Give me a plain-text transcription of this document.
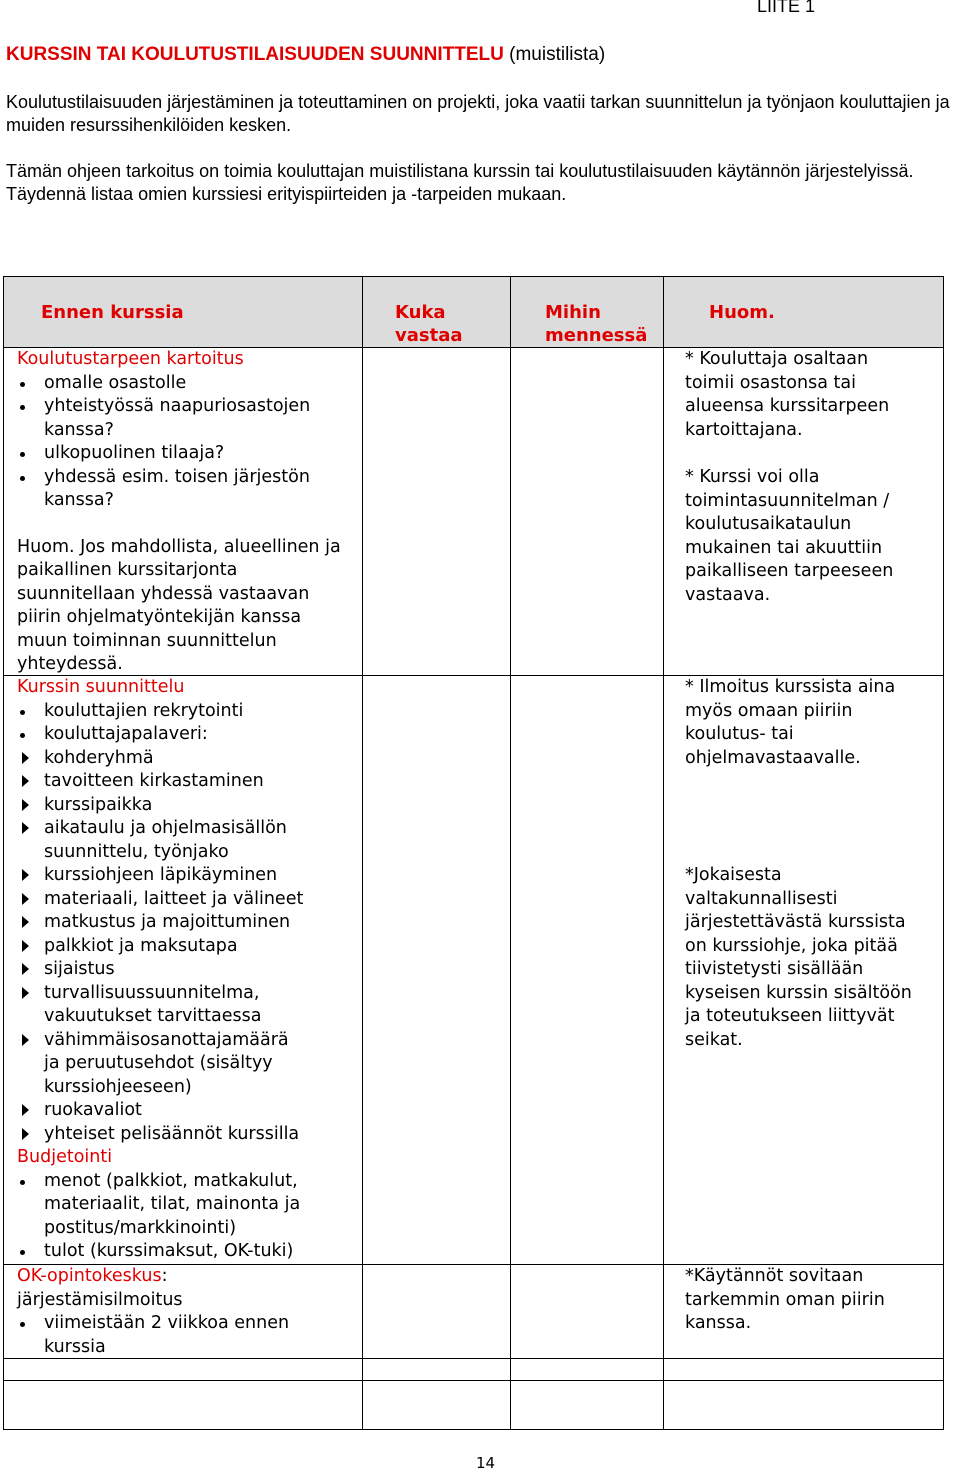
LIITE 1
KURSSIN TAI KOULUTUSTILAISUUDEN SUUNNITTELU (muistilista)
Koulutustilaisuuden järjestäminen ja toteuttaminen on projekti, joka vaatii tarkan suunnittelun ja työnjaon kouluttajien ja muiden resurssihenkilöiden kesken.
Tämän ohjeen tarkoitus on toimia kouluttajan muistilistana kurssin tai koulutustilaisuuden käytännön järjestelyissä. Täydennä listaa omien kurssiesi erityispiirteiden ja -tarpeiden mukaan.
Ennen kurssia	Kuka vastaa
Mihin mennessä
Huom.
Koulutustarpeen kartoitus
omalle osastolle
yhteistyössä naapuriosastojen kanssa?
ulkopuolinen tilaaja?
yhdessä esim. toisen järjestön kanssa?
Huom. Jos mahdollista, alueellinen ja paikallinen kurssitarjonta suunnitellaan yhdessä vastaavan piirin ohjelmatyöntekijän kanssa muun toiminnan suunnittelun yhteydessä.
Kurssin suunnittelu
kouluttajien rekrytointi
kouluttajapalaveri:
kohderyhmä
tavoitteen kirkastaminen
kurssipaikka
aikataulu ja ohjelmasisällön suunnittelu, työnjako
kurssiohjeen läpikäyminen
materiaali, laitteet ja välineet
matkustus ja majoittuminen
palkkiot ja maksutapa
sijaistus
turvallisuussuunnitelma, vakuutukset tarvittaessa
vähimmäisosanottajamäärä ja peruutusehdot (sisältyy kurssiohjeeseen)
ruokavaliot
yhteiset pelisäännöt kurssilla
Budjetointi
menot (palkkiot, matkakulut, materiaalit, tilat, mainonta ja postitus/markkinointi)
tulot (kurssimaksut, OK-tuki)
OK-opintokeskus:
järjestämisilmoitus
viimeistään 2 viikkoa ennen kurssia
* Kouluttaja osaltaan toimii osastonsa tai alueensa kurssitarpeen kartoittajana.
* Kurssi voi olla toimintasuunnitelman / koulutusaikataulun mukainen tai akuuttiin paikalliseen tarpeeseen vastaava.
* Ilmoitus kurssista aina myös omaan piiriin koulutus- tai ohjelmavastaavalle.
*Jokaisesta valtakunnallisesti järjestettävästä kurssista on kurssiohje, joka pitää tiivistetysti sisällään kyseisen kurssin sisältöön ja toteutukseen liittyvät seikat.
*Käytännöt sovitaan tarkemmin oman piirin kanssa.
14
